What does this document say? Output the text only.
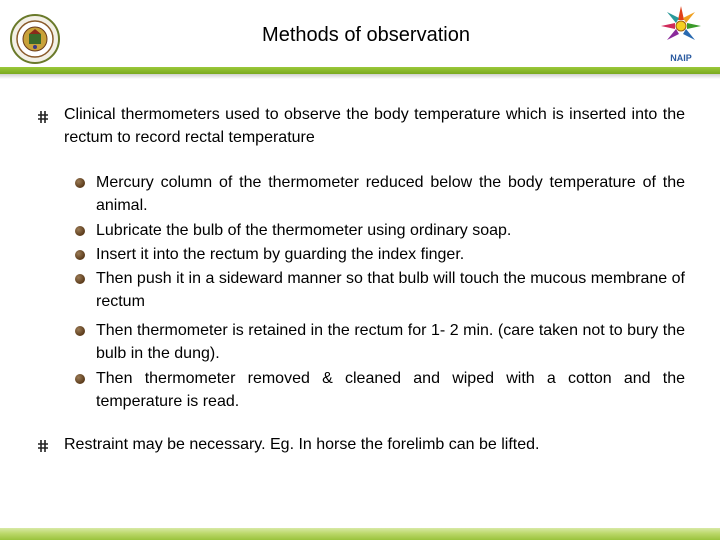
Methods of observation
NAIP
Clinical thermometers used to observe the body temperature which is inserted into the rectum to record rectal temperature
Mercury column of the thermometer reduced below the body temperature of the animal.
Lubricate the bulb of the thermometer using ordinary soap.
Insert it into the rectum by guarding the index finger.
Then push it in a sideward manner so that bulb will touch the mucous membrane of rectum
Then thermometer is retained in the rectum for 1- 2 min. (care taken not to bury the bulb in the dung).
Then thermometer removed & cleaned and wiped with a cotton and the temperature is read.
Restraint may be necessary. Eg. In horse the forelimb can be lifted.
